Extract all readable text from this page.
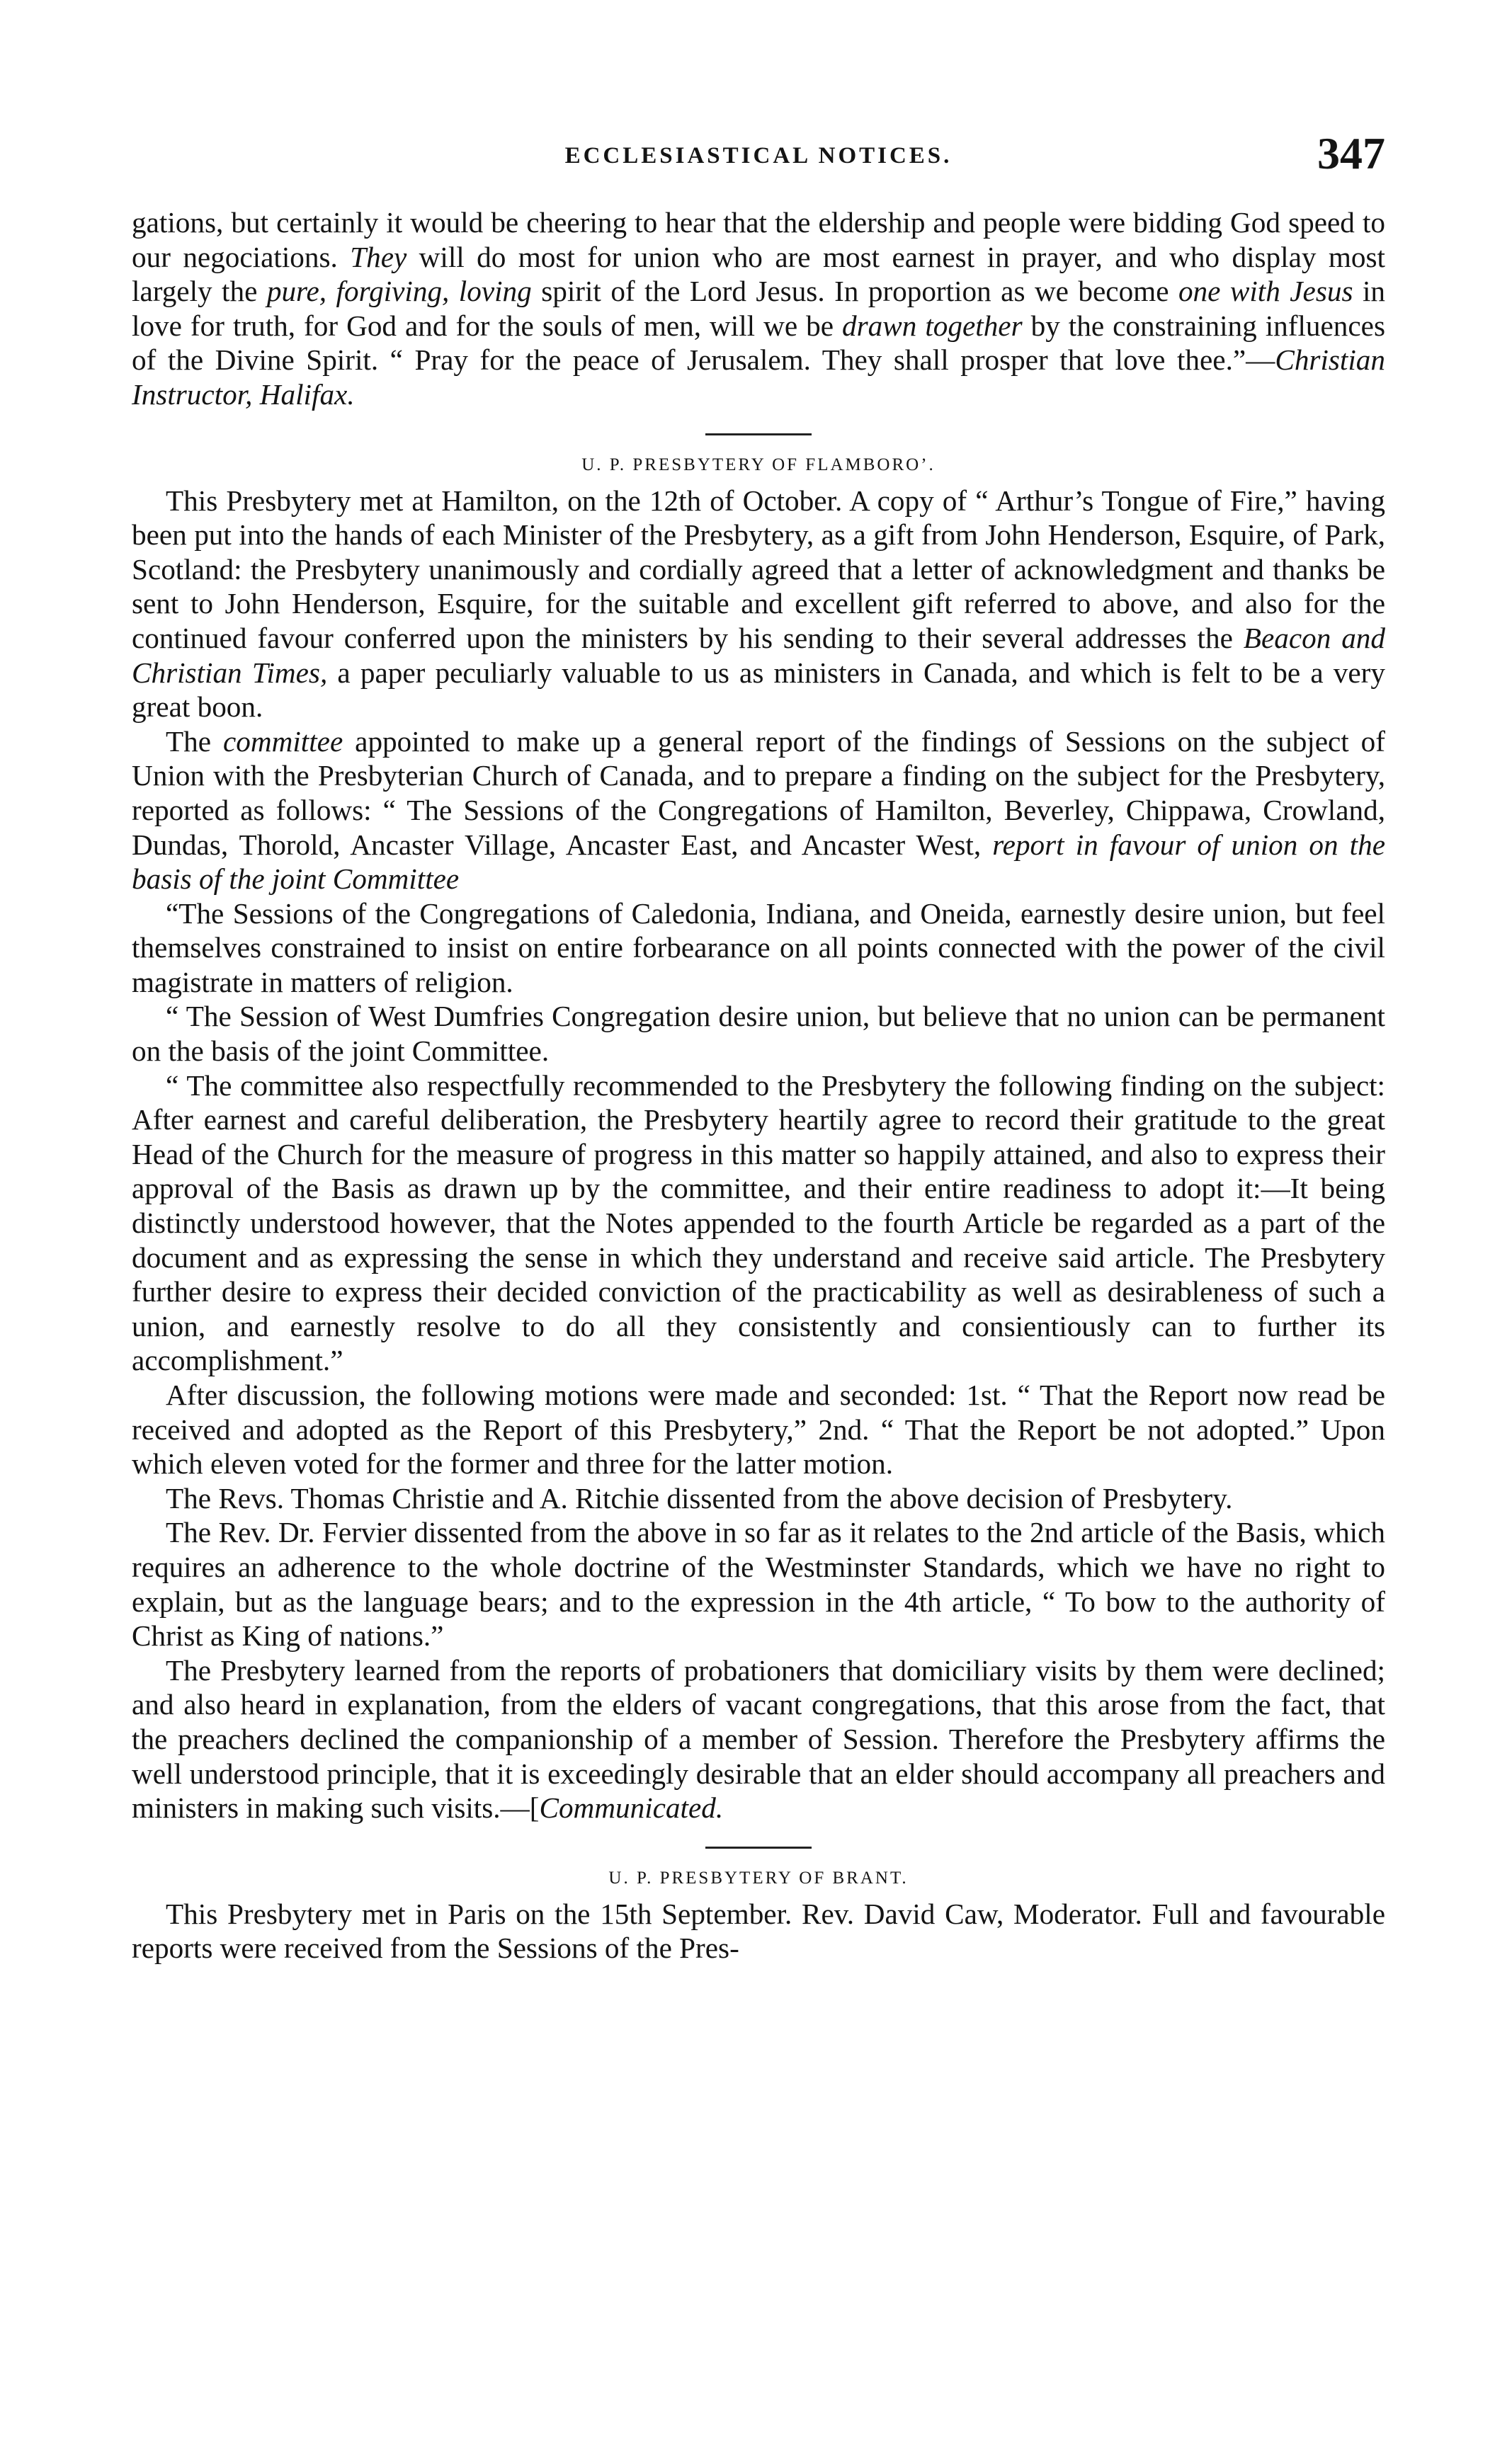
ECCLESIASTICAL NOTICES.	347

gations, but certainly it would be cheering to hear that the eldership and people were bidding God speed to our negociations. They will do most for union who are most earnest in prayer, and who display most largely the pure, forgiving, loving spirit of the Lord Jesus. In proportion as we become one with Jesus in love for truth, for God and for the souls of men, will we be drawn together by the constraining influences of the Divine Spirit. “ Pray for the peace of Jerusalem. They shall prosper that love thee.”—Christian Instructor, Halifax.

U. P. PRESBYTERY OF FLAMBORO’.

This Presbytery met at Hamilton, on the 12th of October. A copy of “ Arthur’s Tongue of Fire,” having been put into the hands of each Minister of the Presbytery, as a gift from John Henderson, Esquire, of Park, Scotland: the Presbytery unanimously and cordially agreed that a letter of acknowledgment and thanks be sent to John Henderson, Esquire, for the suitable and excellent gift referred to above, and also for the continued favour conferred upon the ministers by his sending to their several addresses the Beacon and Christian Times, a paper peculiarly valuable to us as ministers in Canada, and which is felt to be a very great boon.

The committee appointed to make up a general report of the findings of Sessions on the subject of Union with the Presbyterian Church of Canada, and to prepare a finding on the subject for the Presbytery, reported as follows: “ The Sessions of the Congregations of Hamilton, Beverley, Chippawa, Crowland, Dundas, Thorold, Ancaster Village, Ancaster East, and Ancaster West, report in favour of union on the basis of the joint Committee

“The Sessions of the Congregations of Caledonia, Indiana, and Oneida, earnestly desire union, but feel themselves constrained to insist on entire forbearance on all points connected with the power of the civil magistrate in matters of religion.

“ The Session of West Dumfries Congregation desire union, but believe that no union can be permanent on the basis of the joint Committee.

“ The committee also respectfully recommended to the Presbytery the following finding on the subject: After earnest and careful deliberation, the Presbytery heartily agree to record their gratitude to the great Head of the Church for the measure of progress in this matter so happily attained, and also to express their approval of the Basis as drawn up by the committee, and their entire readiness to adopt it:—It being distinctly understood however, that the Notes appended to the fourth Article be regarded as a part of the document and as expressing the sense in which they understand and receive said article. The Presbytery further desire to express their decided conviction of the practicability as well as desirableness of such a union, and earnestly resolve to do all they consistently and consientiously can to further its accomplishment.”

After discussion, the following motions were made and seconded: 1st. “ That the Report now read be received and adopted as the Report of this Presbytery,” 2nd. “ That the Report be not adopted.” Upon which eleven voted for the former and three for the latter motion.

The Revs. Thomas Christie and A. Ritchie dissented from the above decision of Presbytery.

The Rev. Dr. Fervier dissented from the above in so far as it relates to the 2nd article of the Basis, which requires an adherence to the whole doctrine of the Westminster Standards, which we have no right to explain, but as the language bears; and to the expression in the 4th article, “ To bow to the authority of Christ as King of nations.”

The Presbytery learned from the reports of probationers that domiciliary visits by them were declined; and also heard in explanation, from the elders of vacant congregations, that this arose from the fact, that the preachers declined the companionship of a member of Session. Therefore the Presbytery affirms the well understood principle, that it is exceedingly desirable that an elder should accompany all preachers and ministers in making such visits.—[Communicated.

U. P. PRESBYTERY OF BRANT.

This Presbytery met in Paris on the 15th September. Rev. David Caw, Moderator. Full and favourable reports were received from the Sessions of the Pres-
